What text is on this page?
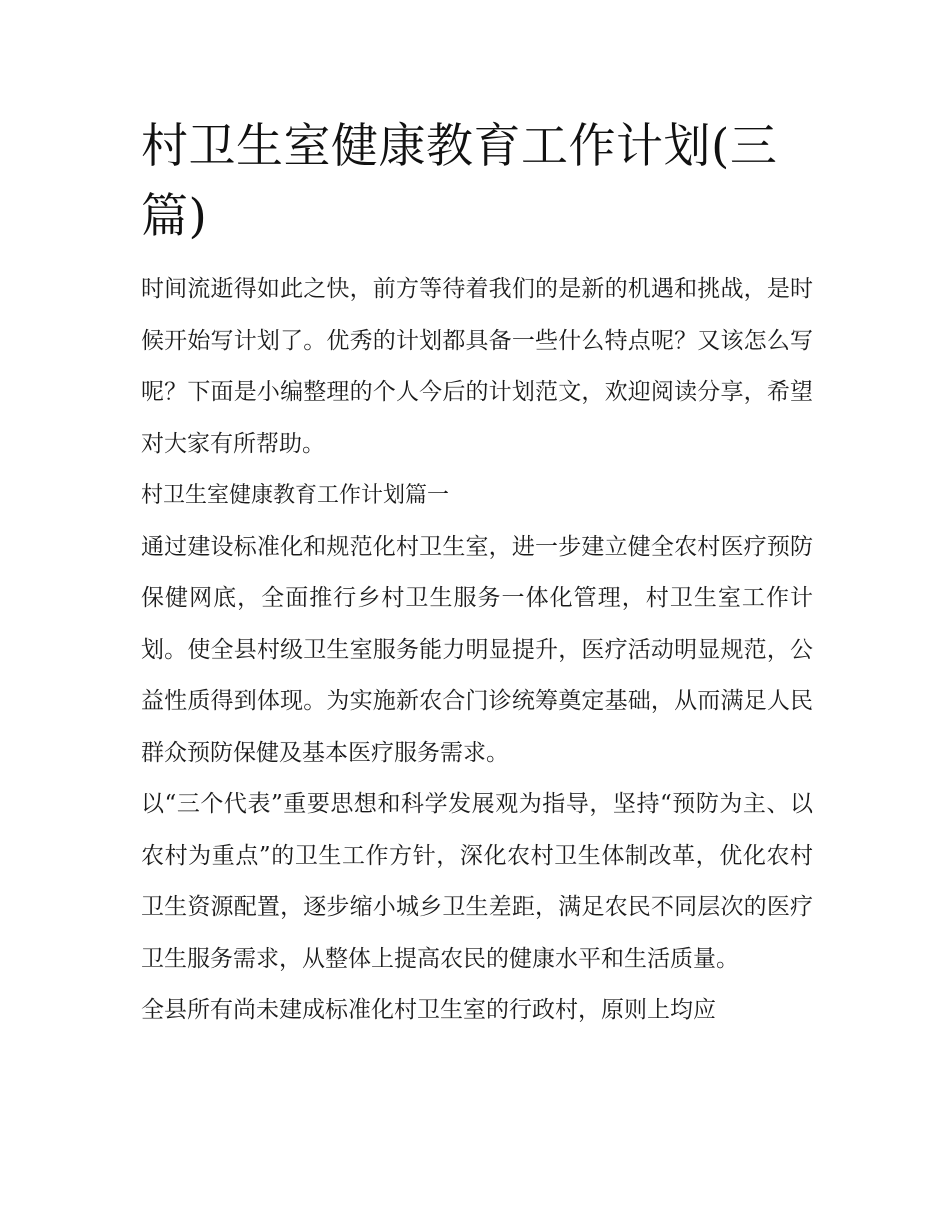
村卫生室健康教育工作计划(三篇)

时间流逝得如此之快，前方等待着我们的是新的机遇和挑战，是时候开始写计划了。优秀的计划都具备一些什么特点呢？又该怎么写呢？下面是小编整理的个人今后的计划范文，欢迎阅读分享，希望对大家有所帮助。

村卫生室健康教育工作计划篇一

通过建设标准化和规范化村卫生室，进一步建立健全农村医疗预防保健网底，全面推行乡村卫生服务一体化管理，村卫生室工作计划。使全县村级卫生室服务能力明显提升，医疗活动明显规范，公益性质得到体现。为实施新农合门诊统筹奠定基础，从而满足人民群众预防保健及基本医疗服务需求。

以“三个代表”重要思想和科学发展观为指导，坚持“预防为主、以农村为重点”的卫生工作方针，深化农村卫生体制改革，优化农村卫生资源配置，逐步缩小城乡卫生差距，满足农民不同层次的医疗卫生服务需求，从整体上提高农民的健康水平和生活质量。

全县所有尚未建成标准化村卫生室的行政村，原则上均应
